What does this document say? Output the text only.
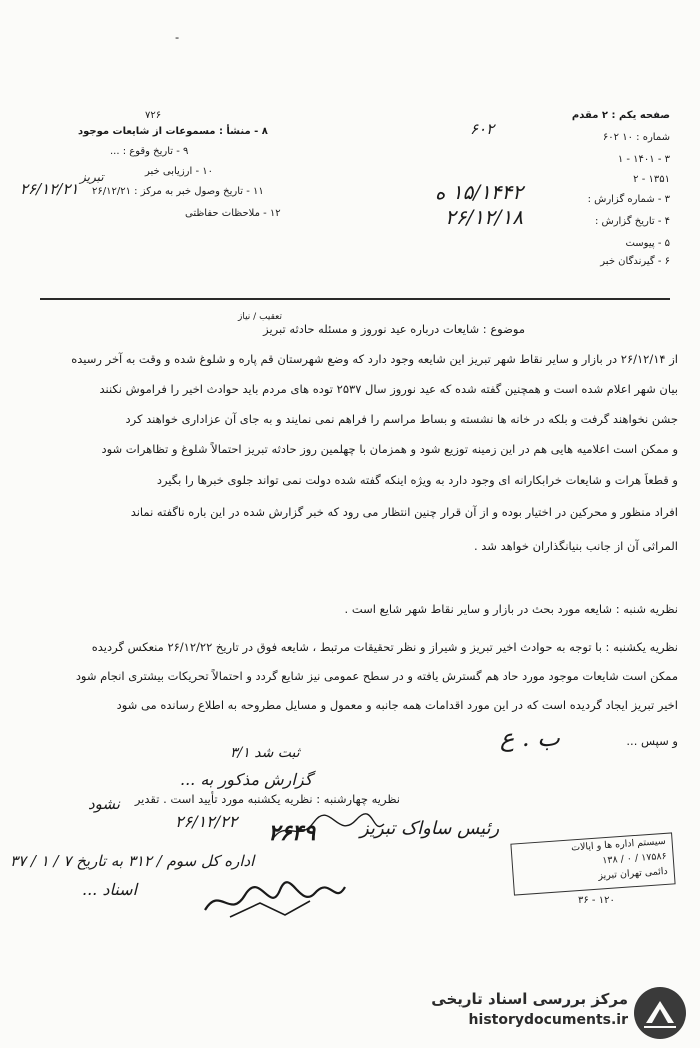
-
صفحه یکم : ۲ مقدم
شماره : ۱۰ ۶۰۲
۱ - ۱۴۰۱ - ۳
۲ - ۱۳۵۱
۳ - شماره گزارش :
۴ - تاریخ گزارش :
۵ - پیوست
۶ - گیرندگان خبر
۶۰۲
۱۵/۱۴۴۲ ه
۲۶/۱۲/۱۸
۷۲۶
۸ - منشأ : مسموعات از شایعات موجود
۹ - تاریخ وقوع : ...
۱۰ - ارزیابی خبر
۱۱ - تاریخ وصول خبر به مرکز : ۲۶/۱۲/۲۱
۱۲ - ملاحظات حفاظتی
۲۶/۱۲/۲۱
تبریز
موضوع : شایعات درباره عید نوروز و مسئله حادثه تبریز
تعقیب / نیاز
از ۲۶/۱۲/۱۴ در بازار و ساير نقاط شهر تبريز اين شايعه وجود دارد كه وضع شهرستان قم پاره و شلوغ شده و وقت به آخر رسيده
بیان شهر اعلام شده است و همچنین گفته شده که عید نوروز سال ۲۵۳۷ توده های مردم باید حوادث اخیر را فراموش نکنند
جشن نخواهند گرفت و بلکه در خانه ها نشسته و بساط مراسم را فراهم نمی نمایند و به جای آن عزاداری خواهند کرد
و ممکن است اعلامیه هایی هم در این زمینه توزیع شود و همزمان با چهلمین روز حادثه تبریز احتمالاً شلوغ و تظاهرات شود
و قطعاً هرات و شایعات خرابکارانه ای وجود دارد به ویژه اینکه گفته شده دولت نمی تواند جلوی خبرها را بگیرد
افراد منظور و محرکین در اختیار بوده و از آن قرار چنین انتظار می رود که خبر گزارش شده در این باره ناگفته نماند
المراثی آن از جانب بنیانگذاران خواهد شد .
نظریه شنبه : شایعه مورد بحث در بازار و سایر نقاط شهر شایع است .
نظریه یکشنبه : با توجه به حوادث اخیر تبریز و شیراز و نظر تحقیقات مرتبط ، شایعه فوق در تاریخ ۲۶/۱۲/۲۲ منعکس گردیده
ممکن است شایعات موجود مورد حاد هم گسترش یافته و در سطح عمومی نیز شایع گردد و احتمالاً تحریکات بیشتری انجام شود
اخیر تبریز ایجاد گردیده است که در این مورد اقدامات همه جانبه و معمول و مسایل مطروحه به اطلاع رسانده می شود
و سپس ...
ب . ع
نظریه چهارشنبه : نظریه یکشنبه مورد تأیید است . تقدیر
ثبت شد ۳/۱
گزارش مذکور به ...
نشود
۲۶/۱۲/۲۲	رئیس ساواک تبریز
۲۶۴۹
اداره کل سوم / ۳۱۲ به تاریخ ۷ / ۱ / ۳۷
اسناد ...
سیستم اداره ها و ایالات
۱۷۵۸۶ / ۰ / ۱۳۸
دائمی تهران تبریز
۳۶ - ۱۲۰
مرکز بررسی اسناد تاریخی
historydocuments.ir
